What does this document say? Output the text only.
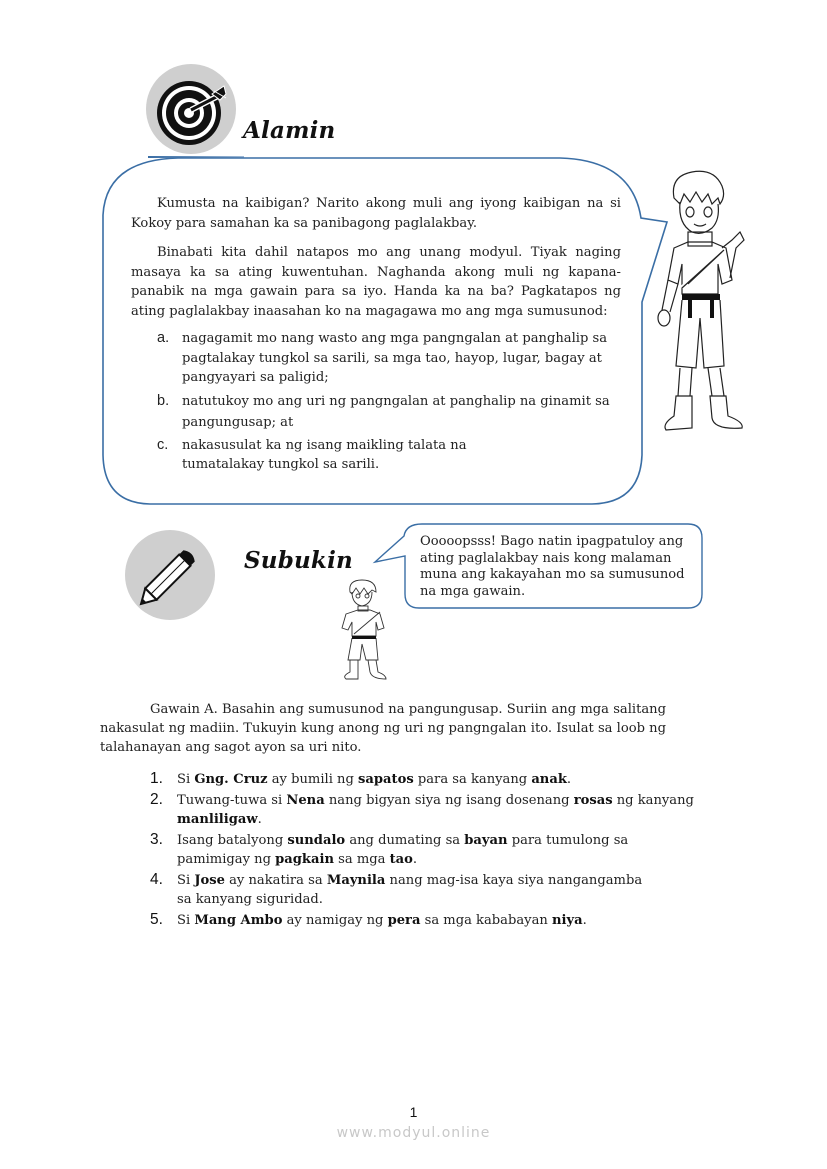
Alamin

Kumusta na kaibigan? Narito akong muli ang iyong kaibigan na si Kokoy para samahan ka sa panibagong paglalakbay.

Binabati kita dahil natapos mo ang unang modyul. Tiyak naging masaya ka sa ating kuwentuhan. Naghanda akong muli ng kapana-panabik na mga gawain para sa iyo. Handa ka na ba? Pagkatapos ng ating paglalakbay inaasahan ko na magagawa mo ang mga sumusunod:

a. nagagamit mo nang wasto ang mga pangngalan at panghalip sa pagtalakay tungkol sa sarili, sa mga tao, hayop, lugar, bagay at pangyayari sa paligid;
b. natutukoy mo ang uri ng pangngalan at panghalip na ginamit sa pangungusap; at
c. nakasusulat ka ng isang maikling talata na tumatalakay tungkol sa sarili.
Subukin
Ooooopsss! Bago natin ipagpatuloy ang ating paglalakbay nais kong malaman muna ang kakayahan mo sa sumusunod na mga gawain.

Gawain A. Basahin ang sumusunod na pangungusap. Suriin ang mga salitang nakasulat ng madiin. Tukuyin kung anong ng uri ng pangngalan ito. Isulat sa loob ng talahanayan ang sagot ayon sa uri nito.

1. Si Gng. Cruz ay bumili ng sapatos para sa kanyang anak.
2. Tuwang-tuwa si Nena nang bigyan siya ng isang dosenang rosas ng kanyang manliligaw.
3. Isang batalyong sundalo ang dumating sa bayan para tumulong sa pamimigay ng pagkain sa mga tao.
4. Si Jose ay nakatira sa Maynila nang mag-isa kaya siya nangangamba sa kanyang siguridad.
5. Si Mang Ambo ay namigay ng pera sa mga kababayan niya.
1
www.modyul.online
